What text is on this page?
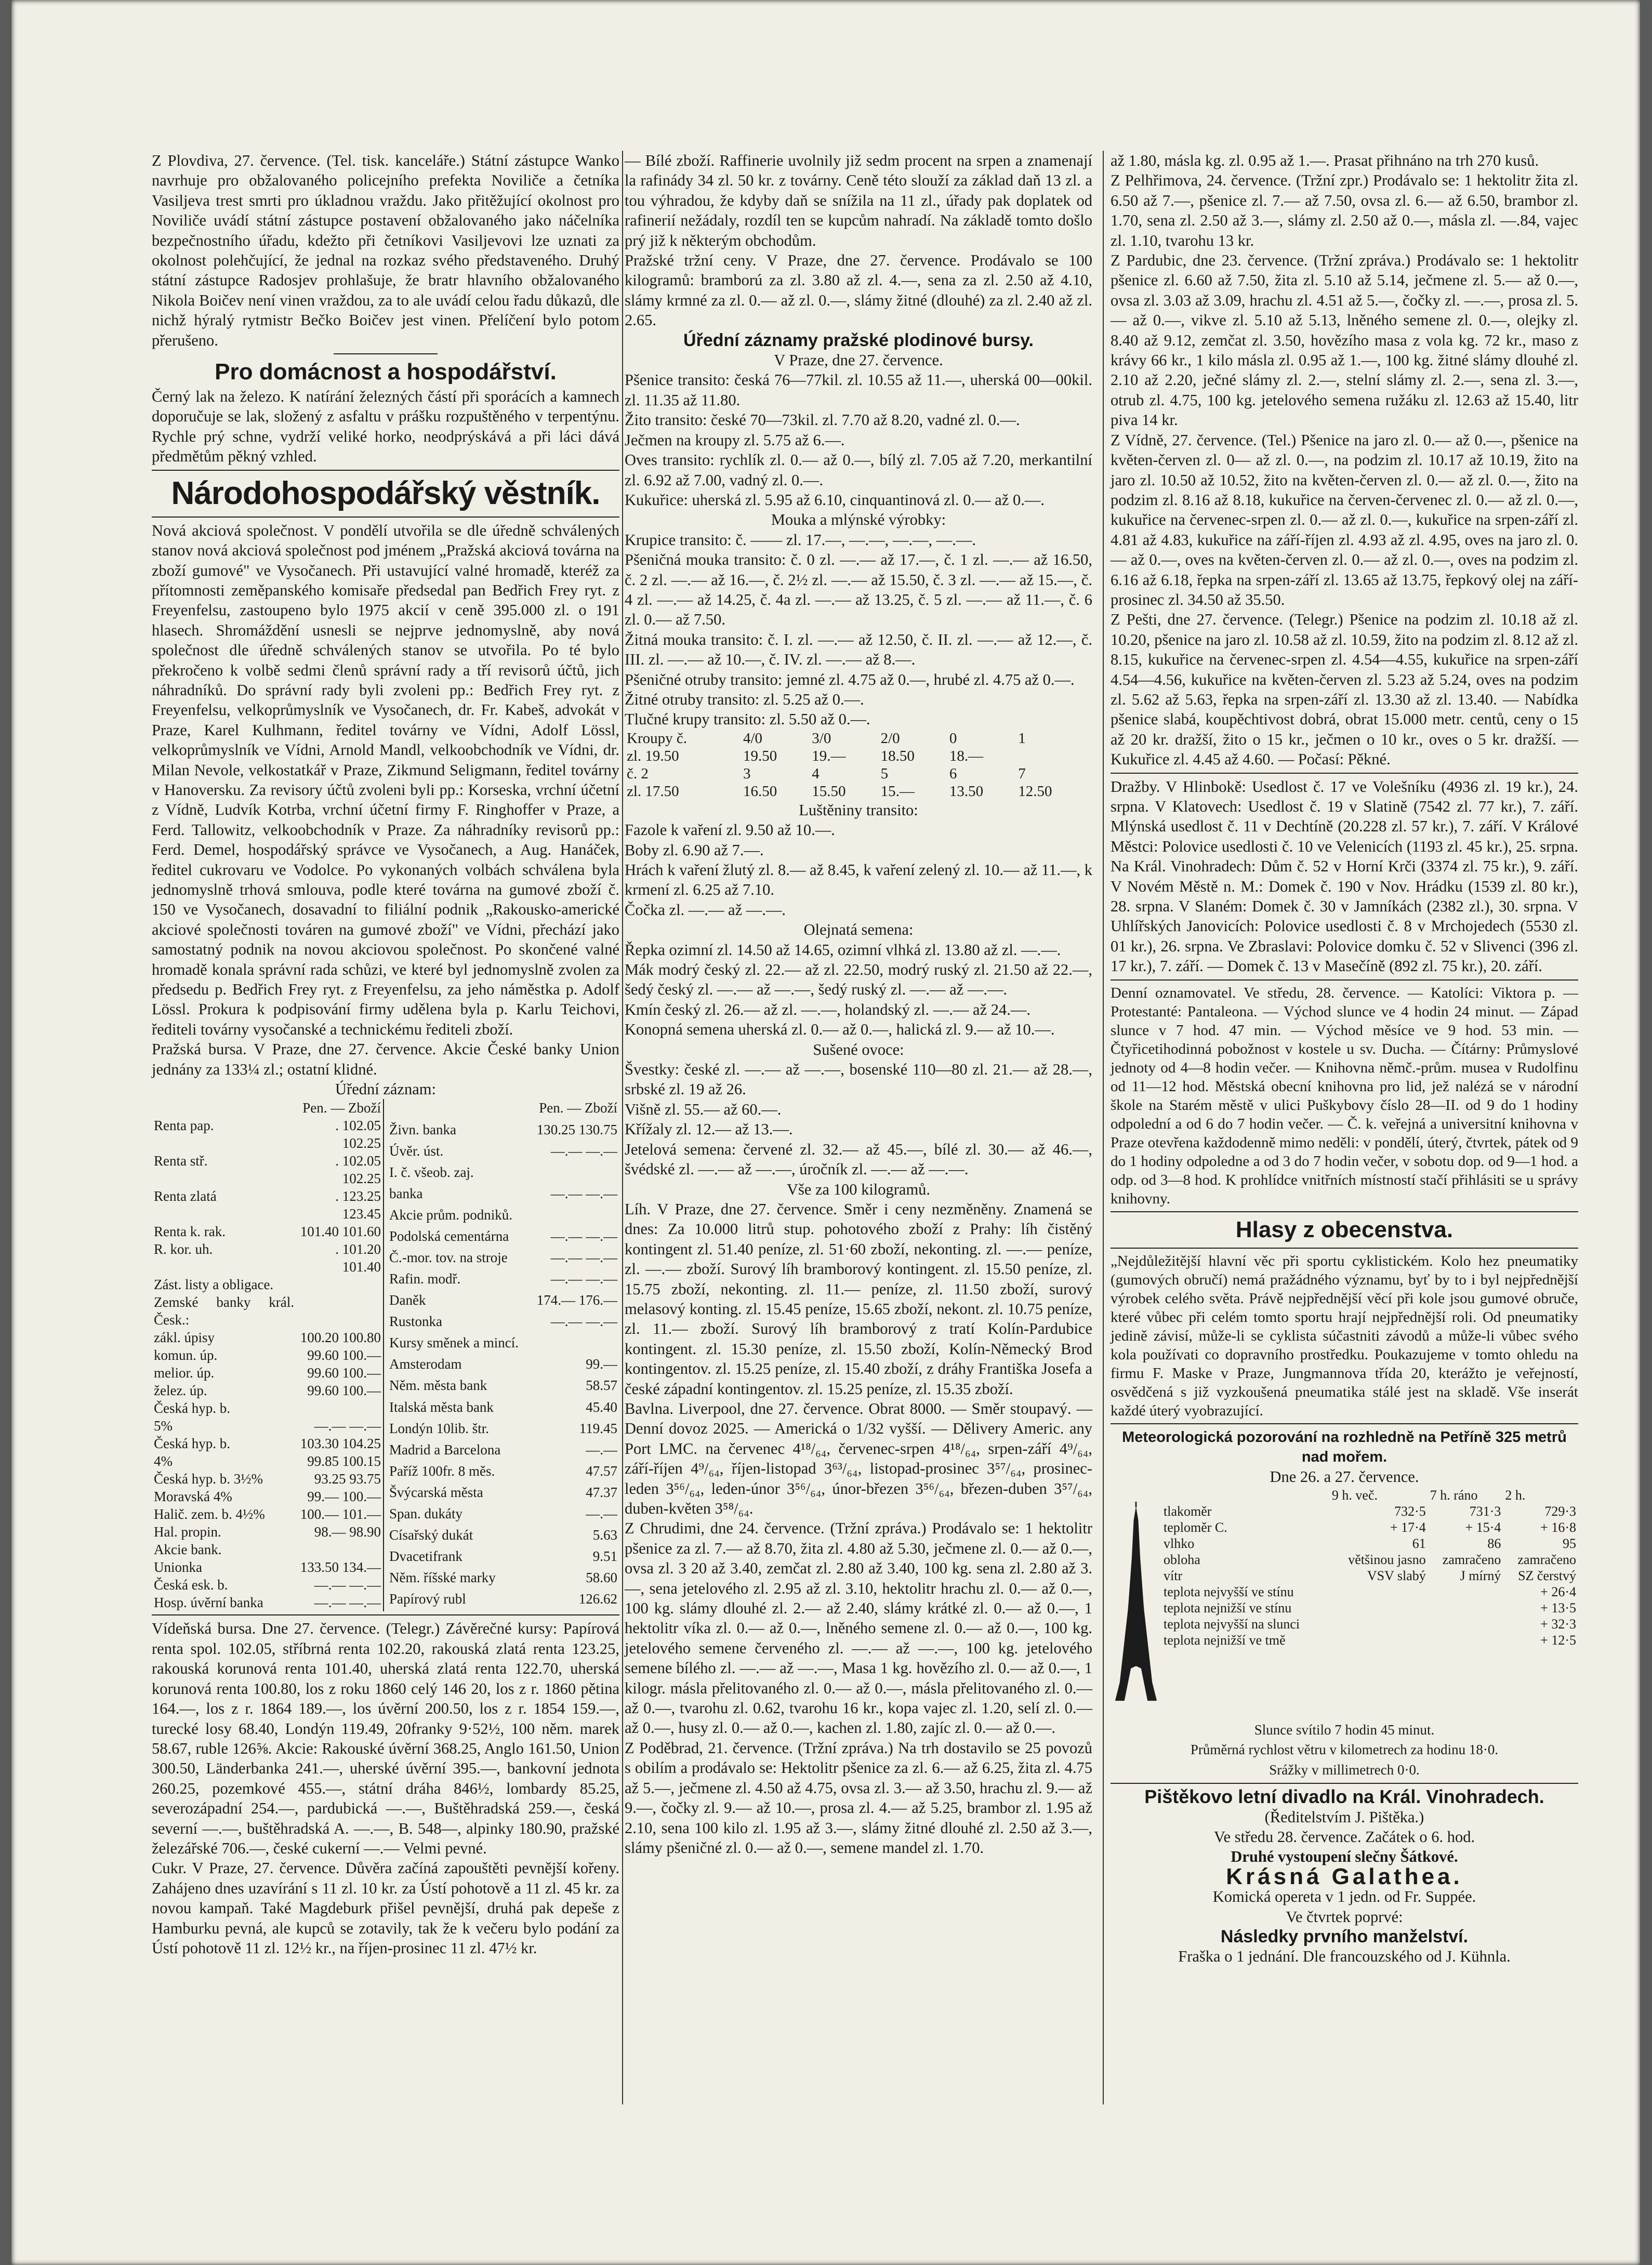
Z Plovdiva, 27. července. (Tel. tisk. kanceláře.) Státní zástupce Wanko navrhuje pro obžalovaného policejního prefekta Noviliče a četníka Vasiljeva trest smrti pro úkladnou vraždu. Jako přitěžující okolnost pro Noviliče uvádí státní zástupce postavení obžalovaného jako náčelníka bezpečnostního úřadu, kdežto při četníkovi Vasiljevovi lze uznati za okolnost polehčující, že jednal na rozkaz svého představeného. Druhý státní zástupce Radosjev prohlašuje, že bratr hlavního obžalovaného Nikola Boičev není vinen vraždou, za to ale uvádí celou řadu důkazů, dle nichž hýralý rytmistr Bečko Boičev jest vinen. Přelíčení bylo potom přerušeno.

Pro domácnost a hospodářství.

Černý lak na železo. K natírání železných částí při sporácích a kamnech doporučuje se lak, složený z asfaltu v prášku rozpuštěného v terpentýnu. Rychle prý schne, vydrží veliké horko, neodprýskává a při láci dává předmětům pěkný vzhled.

Národohospodářský věstník.

Nová akciová společnost. V pondělí utvořila se dle úředně schválených stanov nová akciová společnost pod jménem „Pražská akciová továrna na zboží gumové" ve Vysočanech. Při ustavující valné hromadě, kteréž za přítomnosti zeměpanského komisaře předsedal pan Bedřich Frey ryt. z Freyenfelsu, zastoupeno bylo 1975 akcií v ceně 395.000 zl. o 191 hlasech. Shromáždění usnesli se nejprve jednomyslně, aby nová společnost dle úředně schválených stanov se utvořila. Po té bylo překročeno k volbě sedmi členů správní rady a tří revisorů účtů, jich náhradníků. Do správní rady byli zvoleni pp.: Bedřich Frey ryt. z Freyenfelsu, velkoprůmyslník ve Vysočanech, dr. Fr. Kabeš, advokát v Praze, Karel Kulhmann, ředitel továrny ve Vídni, Adolf Lössl, velkoprůmyslník ve Vídni, Arnold Mandl, velkoobchodník ve Vídni, dr. Milan Nevole, velkostatkář v Praze, Zikmund Seligmann, ředitel továrny v Hanoversku. Za revisory účtů zvoleni byli pp.: Korseska, vrchní účetní z Vídně, Ludvík Kotrba, vrchní účetní firmy F. Ringhoffer v Praze, a Ferd. Tallowitz, velkoobchodník v Praze. Za náhradníky revisorů pp.: Ferd. Demel, hospodářský správce ve Vysočanech, a Aug. Hanáček, ředitel cukrovaru ve Vodolce. Po vykonaných volbách schválena byla jednomyslně trhová smlouva, podle které továrna na gumové zboží č. 150 ve Vysočanech, dosavadní to filiální podnik „Rakousko-americké akciové společnosti továren na gumové zboží" ve Vídni, přechází jako samostatný podnik na novou akciovou společnost. Po skončené valné hromadě konala správní rada schůzi, ve které byl jednomyslně zvolen za předsedu p. Bedřich Frey ryt. z Freyenfelsu, za jeho náměstka p. Adolf Lössl. Prokura k podpisování firmy udělena byla p. Karlu Teichovi, řediteli továrny vysočanské a technickému řediteli zboží.

Pražská bursa. V Praze, dne 27. července. Akcie České banky Union jednány za 133¼ zl.; ostatní klidné.

Úřední záznam:
	Pen. — Zboží
Renta pap.	. 102.05 102.25
Renta stř.	. 102.05 102.25
Renta zlatá	. 123.25 123.45
Renta k. rak.	101.40 101.60
R. kor. uh.	. 101.20 101.40
Zást. listy a obligace.	
Zemské banky král. Česk.:	
zákl. úpisy	100.20 100.80
komun. úp.	99.60 100.—
melior. úp.	99.60 100.—
želez. úp.	99.60 100.—
Česká hyp. b.	
5%	—.— —.—
Česká hyp. b.	103.30 104.25
4%	99.85 100.15
Česká hyp. b. 3½%	93.25 93.75
Moravská 4%	99.— 100.—
Halič. zem. b. 4½%	100.— 101.—
Hal. propin.	98.— 98.90
Akcie bank.	
Unionka	133.50 134.—
Česká esk. b.	—.— —.—
Hosp. úvěrní banka	—.— —.—
	Pen. — Zboží
Živn. banka	130.25 130.75
Úvěr. úst.	—.— —.—
I. č. všeob. zaj.	
banka	—.— —.—
Akcie prům. podniků.	
Podolská cementárna	—.— —.—
Č.-mor. tov. na stroje	—.— —.—
Rafin. modř.	—.— —.—
Daněk	174.— 176.—
Rustonka	—.— —.—
Kursy směnek a mincí.	
Amsterodam	99.—
Něm. města bank	58.57
Italská města bank	45.40
Londýn 10lib. štr.	119.45
Madrid a Barcelona	—.—
Paříž 100fr. 8 měs.	47.57
Švýcarská města	47.37
Span. dukáty	—.—
Císařský dukát	5.63
Dvacetifrank	9.51
Něm. říšské marky	58.60
Papírový rubl	126.62

Vídeňská bursa. Dne 27. července. (Telegr.) Závěrečné kursy: Papírová renta spol. 102.05, stříbrná renta 102.20, rakouská zlatá renta 123.25, rakouská korunová renta 101.40, uherská zlatá renta 122.70, uherská korunová renta 100.80, los z roku 1860 celý 146 20, los z r. 1860 pětina 164.—, los z r. 1864 189.—, los úvěrní 200.50, los z r. 1854 159.—, turecké losy 68.40, Londýn 119.49, 20franky 9·52½, 100 něm. marek 58.67, ruble 126⅝. Akcie: Rakouské úvěrní 368.25, Anglo 161.50, Union 300.50, Länderbanka 241.—, uherské úvěrní 395.—, bankovní jednota 260.25, pozemkové 455.—, státní dráha 846½, lombardy 85.25, severozápadní 254.—, pardubická —.—, Buštěhradská 259.—, česká severní —.—, buštěhradská A. —.—, B. 548—, alpinky 180.90, pražské železářské 706.—, české cukerní —.— Velmi pevné.

Cukr. V Praze, 27. července. Důvěra začíná zapouštěti pevnější kořeny. Zahájeno dnes uzavírání s 11 zl. 10 kr. za Ústí pohotově a 11 zl. 45 kr. za novou kampaň. Také Magdeburk přišel pevnější, druhá pak depeše z Hamburku pevná, ale kupců se zotavily, tak že k večeru bylo podání za Ústí pohotově 11 zl. 12½ kr., na říjen-prosinec 11 zl. 47½ kr.

— Bílé zboží. Raffinerie uvolnily již sedm procent na srpen a znamenají la rafinády 34 zl. 50 kr. z továrny. Ceně této slouží za základ daň 13 zl. a tou výhradou, že kdyby daň se snížila na 11 zl., úřady pak doplatek od rafinerií nežádaly, rozdíl ten se kupcům nahradí. Na základě tomto došlo prý již k některým obchodům.

Pražské tržní ceny. V Praze, dne 27. července. Prodávalo se 100 kilogramů: bramború za zl. 3.80 až zl. 4.—, sena za zl. 2.50 až 4.10, slámy krmné za zl. 0.— až zl. 0.—, slámy žitné (dlouhé) za zl. 2.40 až zl. 2.65.

Úřední záznamy pražské plodinové bursy.
V Praze, dne 27. července.

Pšenice transito: česká 76—77kil. zl. 10.55 až 11.—, uherská 00—00kil. zl. 11.35 až 11.80.

Žito transito: české 70—73kil. zl. 7.70 až 8.20, vadné zl. 0.—.

Ječmen na kroupy zl. 5.75 až 6.—.

Oves transito: rychlík zl. 0.— až 0.—, bílý zl. 7.05 až 7.20, merkantilní zl. 6.92 až 7.00, vadný zl. 0.—.

Kukuřice: uherská zl. 5.95 až 6.10, cinquantinová zl. 0.— až 0.—.

Mouka a mlýnské výrobky:

Krupice transito: č. —— zl. 17.—, —.—, —.—, —.—.

Pšeničná mouka transito: č. 0 zl. —.— až 17.—, č. 1 zl. —.— až 16.50, č. 2 zl. —.— až 16.—, č. 2½ zl. —.— až 15.50, č. 3 zl. —.— až 15.—, č. 4 zl. —.— až 14.25, č. 4a zl. —.— až 13.25, č. 5 zl. —.— až 11.—, č. 6 zl. 0.— až 7.50.

Žitná mouka transito: č. I. zl. —.— až 12.50, č. II. zl. —.— až 12.—, č. III. zl. —.— až 10.—, č. IV. zl. —.— až 8.—.

Pšeničné otruby transito: jemné zl. 4.75 až 0.—, hrubé zl. 4.75 až 0.—.

Žitné otruby transito: zl. 5.25 až 0.—.

Tlučné krupy transito: zl. 5.50 až 0.—.

Kroupy č.	4/0	3/0	2/0	0	1	
zl. 19.50	19.50	19.—	18.50	18.—		
č. 2	3	4	5	6	7	
zl. 17.50	16.50	15.50	15.—	13.50	12.50	
Luštěniny transito:

Fazole k vaření zl. 9.50 až 10.—.

Boby zl. 6.90 až 7.—.

Hrách k vaření žlutý zl. 8.— až 8.45, k vaření zelený zl. 10.— až 11.—, k krmení zl. 6.25 až 7.10.

Čočka zl. —.— až —.—.

Olejnatá semena:

Řepka ozimní zl. 14.50 až 14.65, ozimní vlhká zl. 13.80 až zl. —.—.

Mák modrý český zl. 22.— až zl. 22.50, modrý ruský zl. 21.50 až 22.—, šedý český zl. —.— až —.—, šedý ruský zl. —.— až —.—.

Kmín český zl. 26.— až zl. —.—, holandský zl. —.— až 24.—.

Konopná semena uherská zl. 0.— až 0.—, halická zl. 9.— až 10.—.

Sušené ovoce:

Švestky: české zl. —.— až —.—, bosenské 110—80 zl. 21.— až 28.—, srbské zl. 19 až 26.

Višně zl. 55.— až 60.—.

Křížaly zl. 12.— až 13.—.

Jetelová semena: červené zl. 32.— až 45.—, bílé zl. 30.— až 46.—, švédské zl. —.— až —.—, úročník zl. —.— až —.—.

Vše za 100 kilogramů.

Líh. V Praze, dne 27. července. Směr i ceny nezměněny. Znamená se dnes: Za 10.000 litrů stup. pohotového zboží z Prahy: líh čistěný kontingent zl. 51.40 peníze, zl. 51·60 zboží, nekonting. zl. —.— peníze, zl. —.— zboží. Surový líh bramborový kontingent. zl. 15.50 peníze, zl. 15.75 zboží, nekonting. zl. 11.— peníze, zl. 11.50 zboží, surový melasový konting. zl. 15.45 peníze, 15.65 zboží, nekont. zl. 10.75 peníze, zl. 11.— zboží. Surový líh bramborový z tratí Kolín-Pardubice kontingent. zl. 15.30 peníze, zl. 15.50 zboží, Kolín-Německý Brod kontingentov. zl. 15.25 peníze, zl. 15.40 zboží, z dráhy Františka Josefa a české západní kontingentov. zl. 15.25 peníze, zl. 15.35 zboží.

Bavlna. Liverpool, dne 27. července. Obrat 8000. — Směr stoupavý. — Denní dovoz 2025. — Americká o 1/32 vyšší. — Dělivery Americ. any Port LMC. na červenec 4¹⁸/₆₄, červenec-srpen 4¹⁸/₆₄, srpen-září 4⁹/₆₄, září-říjen 4⁹/₆₄, říjen-listopad 3⁶³/₆₄, listopad-prosinec 3⁵⁷/₆₄, prosinec-leden 3⁵⁶/₆₄, leden-únor 3⁵⁶/₆₄, únor-březen 3⁵⁶/₆₄, březen-duben 3⁵⁷/₆₄, duben-květen 3⁵⁸/₆₄.

Z Chrudimi, dne 24. července. (Tržní zpráva.) Prodávalo se: 1 hektolitr pšenice za zl. 7.— až 8.70, žita zl. 4.80 až 5.30, ječmene zl. 0.— až 0.—, ovsa zl. 3 20 až 3.40, zemčat zl. 2.80 až 3.40, 100 kg. sena zl. 2.80 až 3.—, sena jetelového zl. 2.95 až zl. 3.10, hektolitr hrachu zl. 0.— až 0.—, 100 kg. slámy dlouhé zl. 2.— až 2.40, slámy krátké zl. 0.— až 0.—, 1 hektolitr víka zl. 0.— až 0.—, lněného semene zl. 0.— až 0.—, 100 kg. jetelového semene červeného zl. —.— až —.—, 100 kg. jetelového semene bílého zl. —.— až —.—, Masa 1 kg. hovězího zl. 0.— až 0.—, 1 kilogr. másla přelitovaného zl. 0.— až 0.—, másla přelitovaného zl. 0.— až 0.—, tvarohu zl. 0.62, tvarohu 16 kr., kopa vajec zl. 1.20, selí zl. 0.— až 0.—, husy zl. 0.— až 0.—, kachen zl. 1.80, zajíc zl. 0.— až 0.—.

Z Poděbrad, 21. července. (Tržní zpráva.) Na trh dostavilo se 25 povozů s obilím a prodávalo se: Hektolitr pšenice za zl. 6.— až 6.25, žita zl. 4.75 až 5.—, ječmene zl. 4.50 až 4.75, ovsa zl. 3.— až 3.50, hrachu zl. 9.— až 9.—, čočky zl. 9.— až 10.—, prosa zl. 4.— až 5.25, brambor zl. 1.95 až 2.10, sena 100 kilo zl. 1.95 až 3.—, slámy žitné dlouhé zl. 2.50 až 3.—, slámy pšeničné zl. 0.— až 0.—, semene mandel zl. 1.70.

až 1.80, másla kg. zl. 0.95 až 1.—. Prasat přihnáno na trh 270 kusů.

Z Pelhřimova, 24. července. (Tržní zpr.) Prodávalo se: 1 hektolitr žita zl. 6.50 až 7.—, pšenice zl. 7.— až 7.50, ovsa zl. 6.— až 6.50, brambor zl. 1.70, sena zl. 2.50 až 3.—, slámy zl. 2.50 až 0.—, másla zl. —.84, vajec zl. 1.10, tvarohu 13 kr.

Z Pardubic, dne 23. července. (Tržní zpráva.) Prodávalo se: 1 hektolitr pšenice zl. 6.60 až 7.50, žita zl. 5.10 až 5.14, ječmene zl. 5.— až 0.—, ovsa zl. 3.03 až 3.09, hrachu zl. 4.51 až 5.—, čočky zl. —.—, prosa zl. 5.— až 0.—, vikve zl. 5.10 až 5.13, lněného semene zl. 0.—, olejky zl. 8.40 až 9.12, zemčat zl. 3.50, hovězího masa z vola kg. 72 kr., maso z krávy 66 kr., 1 kilo másla zl. 0.95 až 1.—, 100 kg. žitné slámy dlouhé zl. 2.10 až 2.20, ječné slámy zl. 2.—, stelní slámy zl. 2.—, sena zl. 3.—, otrub zl. 4.75, 100 kg. jetelového semena ružáku zl. 12.63 až 15.40, litr piva 14 kr.

Z Vídně, 27. července. (Tel.) Pšenice na jaro zl. 0.— až 0.—, pšenice na květen-červen zl. 0— až zl. 0.—, na podzim zl. 10.17 až 10.19, žito na jaro zl. 10.50 až 10.52, žito na květen-červen zl. 0.— až zl. 0.—, žito na podzim zl. 8.16 až 8.18, kukuřice na červen-červenec zl. 0.— až zl. 0.—, kukuřice na červenec-srpen zl. 0.— až zl. 0.—, kukuřice na srpen-září zl. 4.81 až 4.83, kukuřice na září-říjen zl. 4.93 až zl. 4.95, oves na jaro zl. 0.— až 0.—, oves na květen-červen zl. 0.— až zl. 0.—, oves na podzim zl. 6.16 až 6.18, řepka na srpen-září zl. 13.65 až 13.75, řepkový olej na září-prosinec zl. 34.50 až 35.50.

Z Pešti, dne 27. července. (Telegr.) Pšenice na podzim zl. 10.18 až zl. 10.20, pšenice na jaro zl. 10.58 až zl. 10.59, žito na podzim zl. 8.12 až zl. 8.15, kukuřice na červenec-srpen zl. 4.54—4.55, kukuřice na srpen-září 4.54—4.56, kukuřice na květen-červen zl. 5.23 až 5.24, oves na podzim zl. 5.62 až 5.63, řepka na srpen-září zl. 13.30 až zl. 13.40. — Nabídka pšenice slabá, koupěchtivost dobrá, obrat 15.000 metr. centů, ceny o 15 až 20 kr. dražší, žito o 15 kr., ječmen o 10 kr., oves o 5 kr. dražší. — Kukuřice zl. 4.45 až 4.60. — Počasí: Pěkné.

Dražby. V Hlinbokě: Usedlost č. 17 ve Volešníku (4936 zl. 19 kr.), 24. srpna. V Klatovech: Usedlost č. 19 v Slatině (7542 zl. 77 kr.), 7. září. Mlýnská usedlost č. 11 v Dechtíně (20.228 zl. 57 kr.), 7. září. V Králové Městci: Polovice usedlosti č. 10 ve Velenicích (1193 zl. 45 kr.), 25. srpna. Na Král. Vinohradech: Dům č. 52 v Horní Krči (3374 zl. 75 kr.), 9. září. V Novém Městě n. M.: Domek č. 190 v Nov. Hrádku (1539 zl. 80 kr.), 28. srpna. V Slaném: Domek č. 30 v Jamníkách (2382 zl.), 30. srpna. V Uhlířských Janovicích: Polovice usedlosti č. 8 v Mrchojedech (5530 zl. 01 kr.), 26. srpna. Ve Zbraslavi: Polovice domku č. 52 v Slivenci (396 zl. 17 kr.), 7. září. — Domek č. 13 v Masečíně (892 zl. 75 kr.), 20. září.

Denní oznamovatel. Ve středu, 28. července. — Katolíci: Viktora p. — Protestanté: Pantaleona. — Východ slunce ve 4 hodin 24 minut. — Západ slunce v 7 hod. 47 min. — Východ měsíce ve 9 hod. 53 min. — Čtyřicetihodinná pobožnost v kostele u sv. Ducha. — Čítárny: Průmyslové jednoty od 4—8 hodin večer. — Knihovna němč.-prům. musea v Rudolfinu od 11—12 hod. Městská obecní knihovna pro lid, jež nalézá se v národní škole na Starém městě v ulici Puškybovy číslo 28—II. od 9 do 1 hodiny odpolední a od 6 do 7 hodin večer. — Č. k. veřejná a universitní knihovna v Praze otevřena každodenně mimo neděli: v pondělí, úterý, čtvrtek, pátek od 9 do 1 hodiny odpoledne a od 3 do 7 hodin večer, v sobotu dop. od 9—1 hod. a odp. od 3—8 hod. K prohlídce vnitřních místností stačí přihlásiti se u správy knihovny.

Hlasy z obecenstva.

„Nejdůležitější hlavní věc při sportu cyklistickém. Kolo hez pneumatiky (gumových obručí) nemá pražádného významu, byť by to i byl nejpřednější výrobek celého světa. Právě nejpřednější věcí při kole jsou gumové obruče, které vůbec při celém tomto sportu hrají nejpřednější roli. Od pneumatiky jedině závisí, může-li se cyklista súčastniti závodů a může-li vůbec svého kola používati co dopravního prostředku. Poukazujeme v tomto ohledu na firmu F. Maske v Praze, Jungmannova třída 20, kterážto je veřejností, osvědčená s již vyzkoušená pneumatika stálé jest na skladě. Vše inserát každé úterý vyobrazující.

Meteorologická pozorování na rozhledně na Petříně 325 metrů nad mořem.
Dne 26. a 27. července.
	9 h. več.	7 h. ráno	2 h.
tlakoměr	732·5	731·3	729·3
teploměr C.	+ 17·4	+ 15·4	+ 16·8
vlhko	61	86	95
obloha	většinou jasno	zamračeno	zamračeno
vítr	VSV slabý	J mírný	SZ čerstvý
teplota nejvyšší ve stínu			+ 26·4
teplota nejnižší ve stínu			+ 13·5
teplota nejvyšší na slunci			+ 32·3
teplota nejnižší ve tmě			+ 12·5
Slunce svítilo 7 hodin 45 minut.
Průměrná rychlost větru v kilometrech za hodinu 18·0.
Srážky v millimetrech 0·0.
Pištěkovo letní divadlo na Král. Vinohradech.
(Ředitelstvím J. Pištěka.)
Ve středu 28. července. Začátek o 6. hod.
Druhé vystoupení slečny Šátkové.
Krásná Galathea.
Komická opereta v 1 jedn. od Fr. Suppée.
Ve čtvrtek poprvé:
Následky prvního manželství.
Fraška o 1 jednání. Dle francouzského od J. Kühnla.
